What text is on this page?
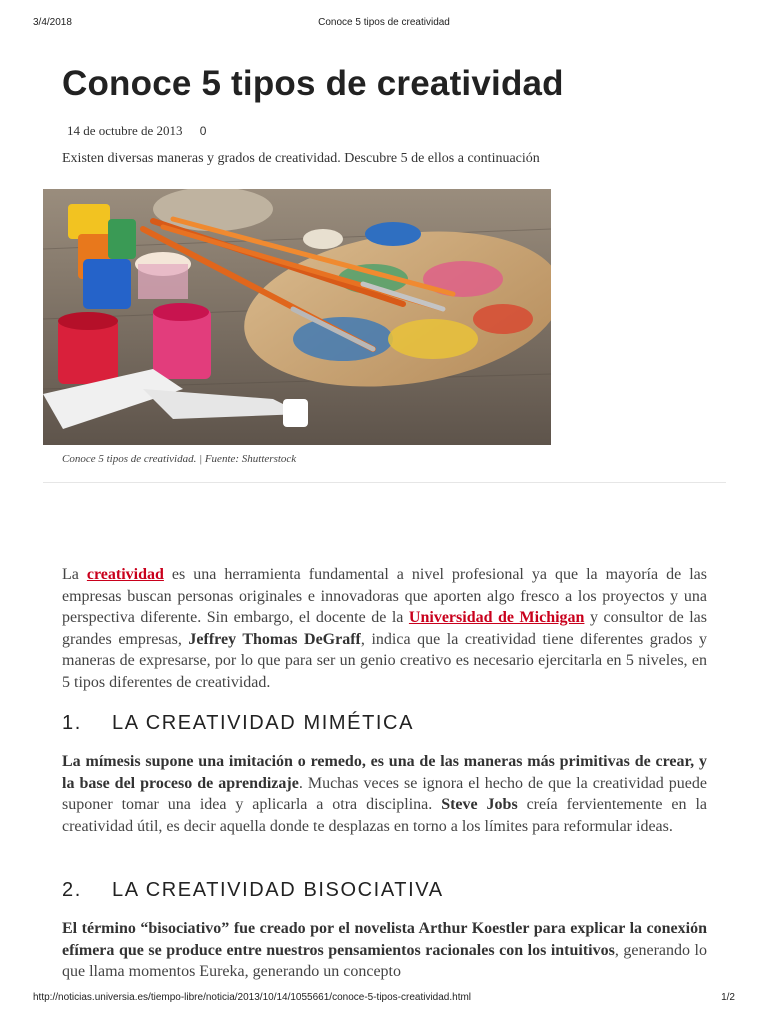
3/4/2018	Conoce 5 tipos de creatividad
Conoce 5 tipos de creatividad
14 de octubre de 2013 0
Existen diversas maneras y grados de creatividad. Descubre 5 de ellos a continuación
Conoce 5 tipos de creatividad. | Fuente: Shutterstock
La creatividad es una herramienta fundamental a nivel profesional ya que la mayoría de las empresas buscan personas originales e innovadoras que aporten algo fresco a los proyectos y una perspectiva diferente. Sin embargo, el docente de la Universidad de Michigan y consultor de las grandes empresas, Jeffrey Thomas DeGraff, indica que la creatividad tiene diferentes grados y maneras de expresarse, por lo que para ser un genio creativo es necesario ejercitarla en 5 niveles, en 5 tipos diferentes de creatividad.
1. LA CREATIVIDAD MIMÉTICA
La mímesis supone una imitación o remedo, es una de las maneras más primitivas de crear, y la base del proceso de aprendizaje. Muchas veces se ignora el hecho de que la creatividad puede suponer tomar una idea y aplicarla a otra disciplina. Steve Jobs creía fervientemente en la creatividad útil, es decir aquella donde te desplazas en torno a los límites para reformular ideas.
2. LA CREATIVIDAD BISOCIATIVA
El término “bisociativo” fue creado por el novelista Arthur Koestler para explicar la conexión efímera que se produce entre nuestros pensamientos racionales con los intuitivos, generando lo que llama momentos Eureka, generando un concepto
http://noticias.universia.es/tiempo-libre/noticia/2013/10/14/1055661/conoce-5-tipos-creatividad.html	1/2
